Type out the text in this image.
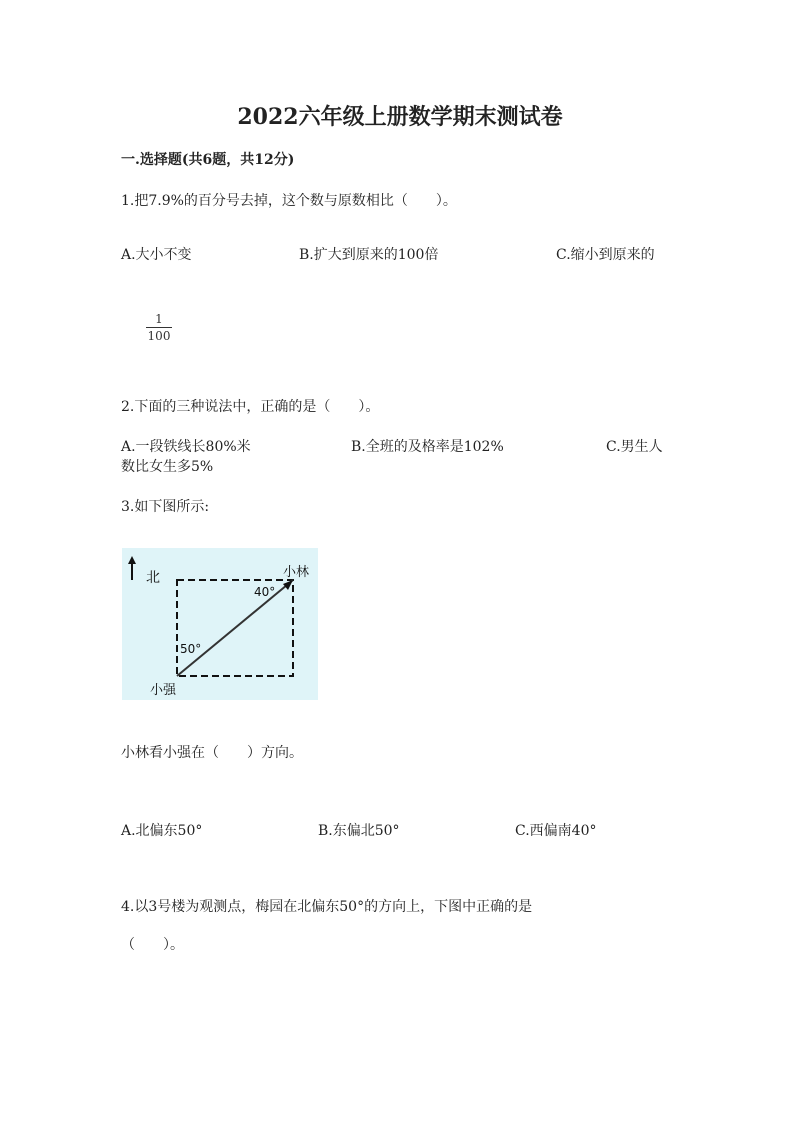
2022六年级上册数学期末测试卷
一.选择题(共6题，共12分)
1.把7.9%的百分号去掉，这个数与原数相比（　　）。
A.大小不变	B.扩大到原来的100倍	C.缩小到原来的
1
100
2.下面的三种说法中，正确的是（　　）。
A.一段铁线长80%米	B.全班的及格率是102%	C.男生人
数比女生多5%
3.如下图所示:
北	小林
40°
50°
小强
小林看小强在（　　）方向。
A.北偏东50°	B.东偏北50°	C.西偏南40°
4.以3号楼为观测点，梅园在北偏东50°的方向上，下图中正确的是
（　　）。
